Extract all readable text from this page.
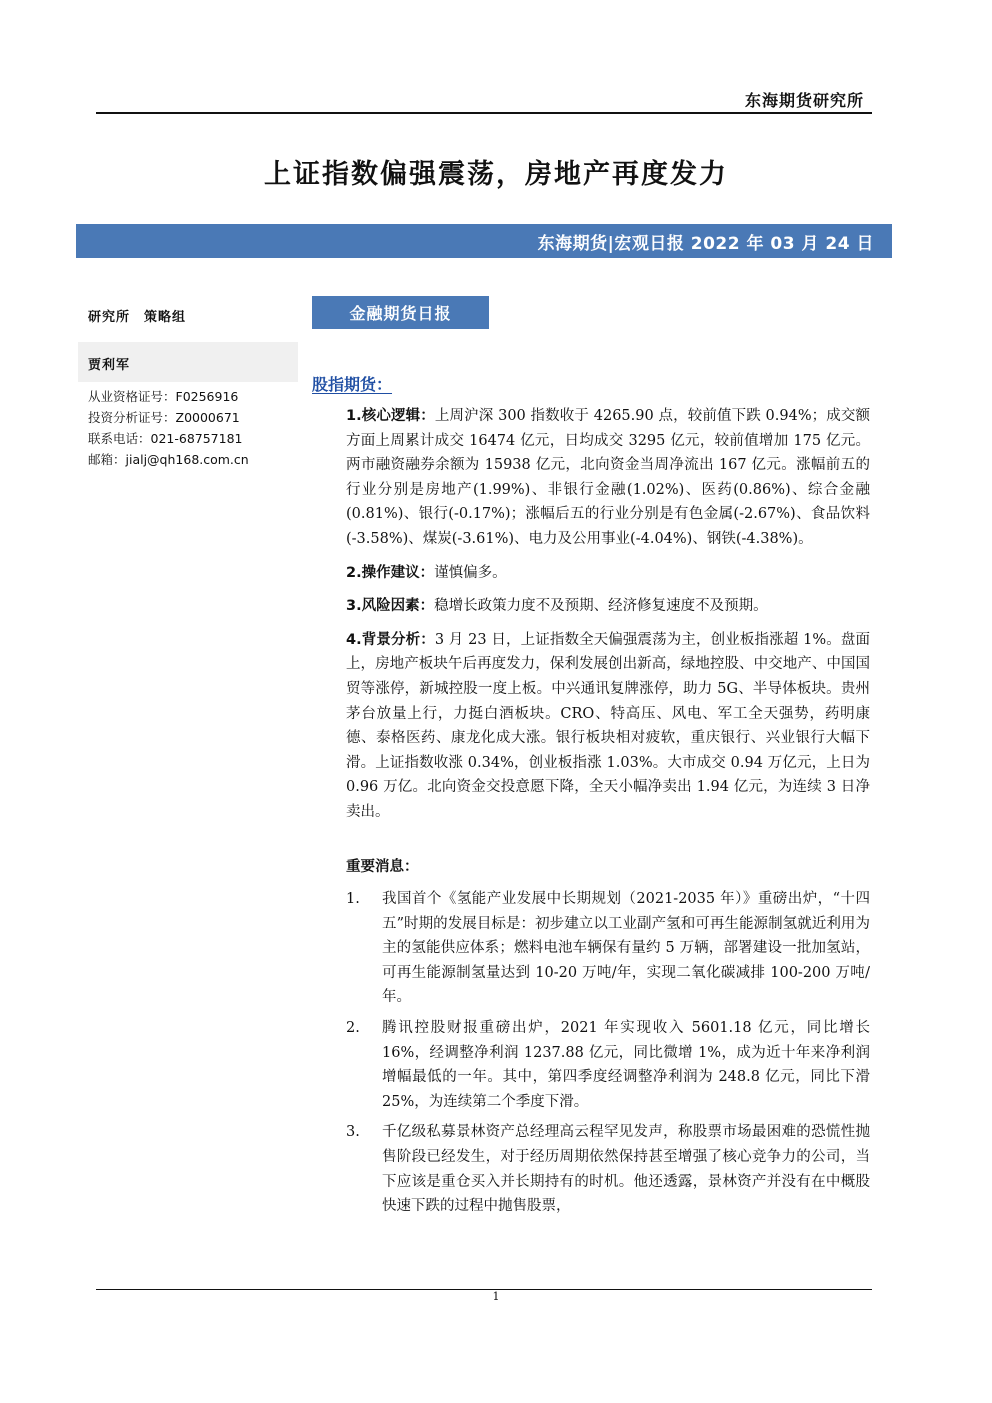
东海期货研究所
上证指数偏强震荡，房地产再度发力
东海期货|宏观日报 2022 年 03 月 24 日
研究所　策略组
贾利军
从业资格证号：F0256916
投资分析证号：Z0000671
联系电话：021-68757181
邮箱：jialj@qh168.com.cn
金融期货日报
股指期货：

1.核心逻辑：上周沪深 300 指数收于 4265.90 点，较前值下跌 0.94%；成交额方面上周累计成交 16474 亿元，日均成交 3295 亿元，较前值增加 175 亿元。两市融资融券余额为 15938 亿元，北向资金当周净流出 167 亿元。涨幅前五的行业分别是房地产(1.99%)、非银行金融(1.02%)、医药(0.86%)、综合金融(0.81%)、银行(-0.17%)；涨幅后五的行业分别是有色金属(-2.67%)、食品饮料(-3.58%)、煤炭(-3.61%)、电力及公用事业(-4.04%)、钢铁(-4.38%)。

2.操作建议：谨慎偏多。

3.风险因素：稳增长政策力度不及预期、经济修复速度不及预期。

4.背景分析：3 月 23 日，上证指数全天偏强震荡为主，创业板指涨超 1%。盘面上，房地产板块午后再度发力，保利发展创出新高，绿地控股、中交地产、中国国贸等涨停，新城控股一度上板。中兴通讯复牌涨停，助力 5G、半导体板块。贵州茅台放量上行，力挺白酒板块。CRO、特高压、风电、军工全天强势，药明康德、泰格医药、康龙化成大涨。银行板块相对疲软，重庆银行、兴业银行大幅下滑。上证指数收涨 0.34%，创业板指涨 1.03%。大市成交 0.94 万亿元，上日为 0.96 万亿。北向资金交投意愿下降，全天小幅净卖出 1.94 亿元，为连续 3 日净卖出。

重要消息：
1.	我国首个《氢能产业发展中长期规划（2021-2035 年）》重磅出炉，“十四五”时期的发展目标是：初步建立以工业副产氢和可再生能源制氢就近利用为主的氢能供应体系；燃料电池车辆保有量约 5 万辆，部署建设一批加氢站，可再生能源制氢量达到 10-20 万吨/年，实现二氧化碳减排 100-200 万吨/年。
2.	腾讯控股财报重磅出炉，2021 年实现收入 5601.18 亿元，同比增长 16%，经调整净利润 1237.88 亿元，同比微增 1%，成为近十年来净利润增幅最低的一年。其中，第四季度经调整净利润为 248.8 亿元，同比下滑 25%，为连续第二个季度下滑。
3.	千亿级私募景林资产总经理高云程罕见发声，称股票市场最困难的恐慌性抛售阶段已经发生，对于经历周期依然保持甚至增强了核心竞争力的公司，当下应该是重仓买入并长期持有的时机。他还透露，景林资产并没有在中概股快速下跌的过程中抛售股票，
1
